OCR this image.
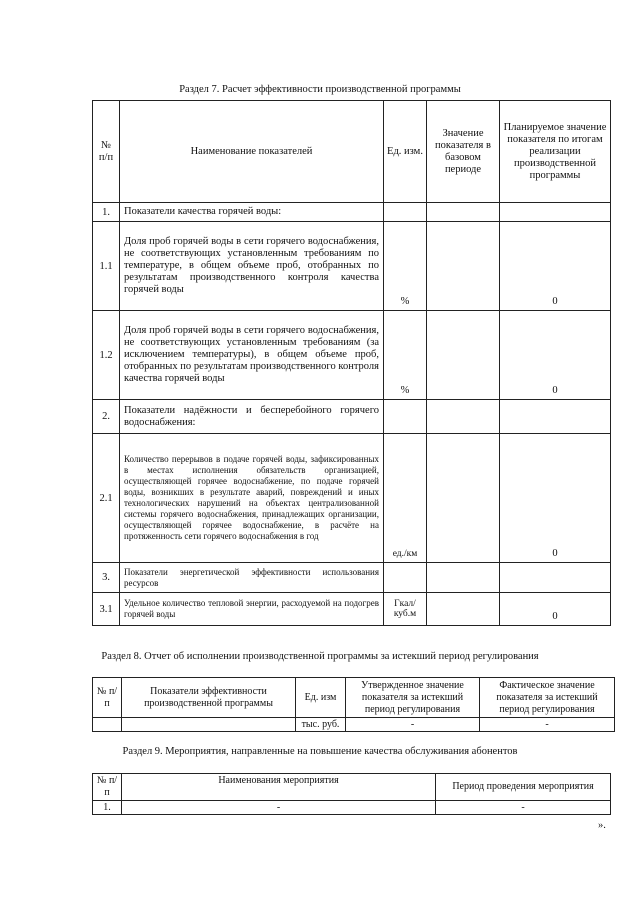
Раздел 7. Расчет эффективности производственной программы
№ п/п	Наименование показателей	Ед. изм.	Значение показателя в базовом периоде	Планируемое значение показателя по итогам реализации производственной программы
1.	Показатели качества горячей воды:			
1.1	Доля проб горячей воды в сети горячего водоснабжения, не соответствующих установленным требованиям по температуре, в общем объеме проб, отобранных по результатам производственного контроля качества горячей воды	%		0
1.2	Доля проб горячей воды в сети горячего водоснабжения, не соответствующих установленным требованиям (за исключением температуры), в общем объеме проб, отобранных по результатам производственного контроля качества горячей воды	%		0
2.	Показатели надёжности и бесперебойного горячего водоснабжения:			
2.1	Количество перерывов в подаче горячей воды, зафиксированных в местах исполнения обязательств организацией, осуществляющей горячее водоснабжение, по подаче горячей воды, возникших в результате аварий, повреждений и иных технологических нарушений на объектах централизованной системы горячего водоснабжения, принадлежащих организации, осуществляющей горячее водоснабжение, в расчёте на протяженность сети горячего водоснабжения в год	ед./км		0
3.	Показатели энергетической эффективности использования ресурсов			
3.1	Удельное количество тепловой энергии, расходуемой на подогрев горячей воды	Гкал/ куб.м		0
Раздел 8. Отчет об исполнении производственной программы за истекший период регулирования
№ п/п	Показатели эффективности производственной программы	Ед. изм	Утвержденное значение показателя за истекший период регулирования	Фактическое значение показателя за истекший период регулирования
		тыс. руб.	-	-
Раздел 9. Мероприятия, направленные на повышение качества обслуживания абонентов
№ п/п	Наименования мероприятия	Период проведения мероприятия
1.	-	-
».
